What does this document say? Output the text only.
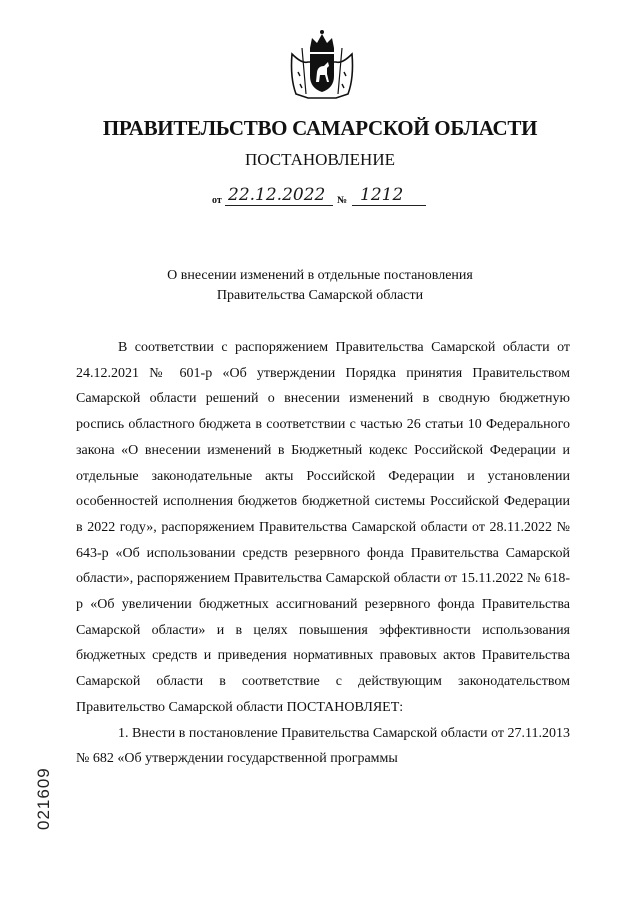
ПРАВИТЕЛЬСТВО САМАРСКОЙ ОБЛАСТИ
ПОСТАНОВЛЕНИЕ
от 22.12.2022 № 1212
О внесении изменений в отдельные постановления
Правительства Самарской области

В соответствии с распоряжением Правительства Самарской области от 24.12.2021 № 601-р «Об утверждении Порядка принятия Правительством Самарской области решений о внесении изменений в сводную бюджетную роспись областного бюджета в соответствии с частью 26 статьи 10 Федерального закона «О внесении изменений в Бюджетный кодекс Российской Федерации и отдельные законодательные акты Российской Федерации и установлении особенностей исполнения бюджетов бюджетной системы Российской Федерации в 2022 году», распоряжением Правительства Самарской области от 28.11.2022 № 643-р «Об использовании средств резервного фонда Правительства Самарской области», распоряжением Правительства Самарской области от 15.11.2022 № 618-р «Об увеличении бюджетных ассигнований резервного фонда Правительства Самарской области» и в целях повышения эффективности использования бюджетных средств и приведения нормативных правовых актов Правительства Самарской области в соответствие с действующим законодательством Правительство Самарской области ПОСТАНОВЛЯЕТ:

1. Внести в постановление Правительства Самарской области от 27.11.2013 № 682 «Об утверждении государственной программы

021609
